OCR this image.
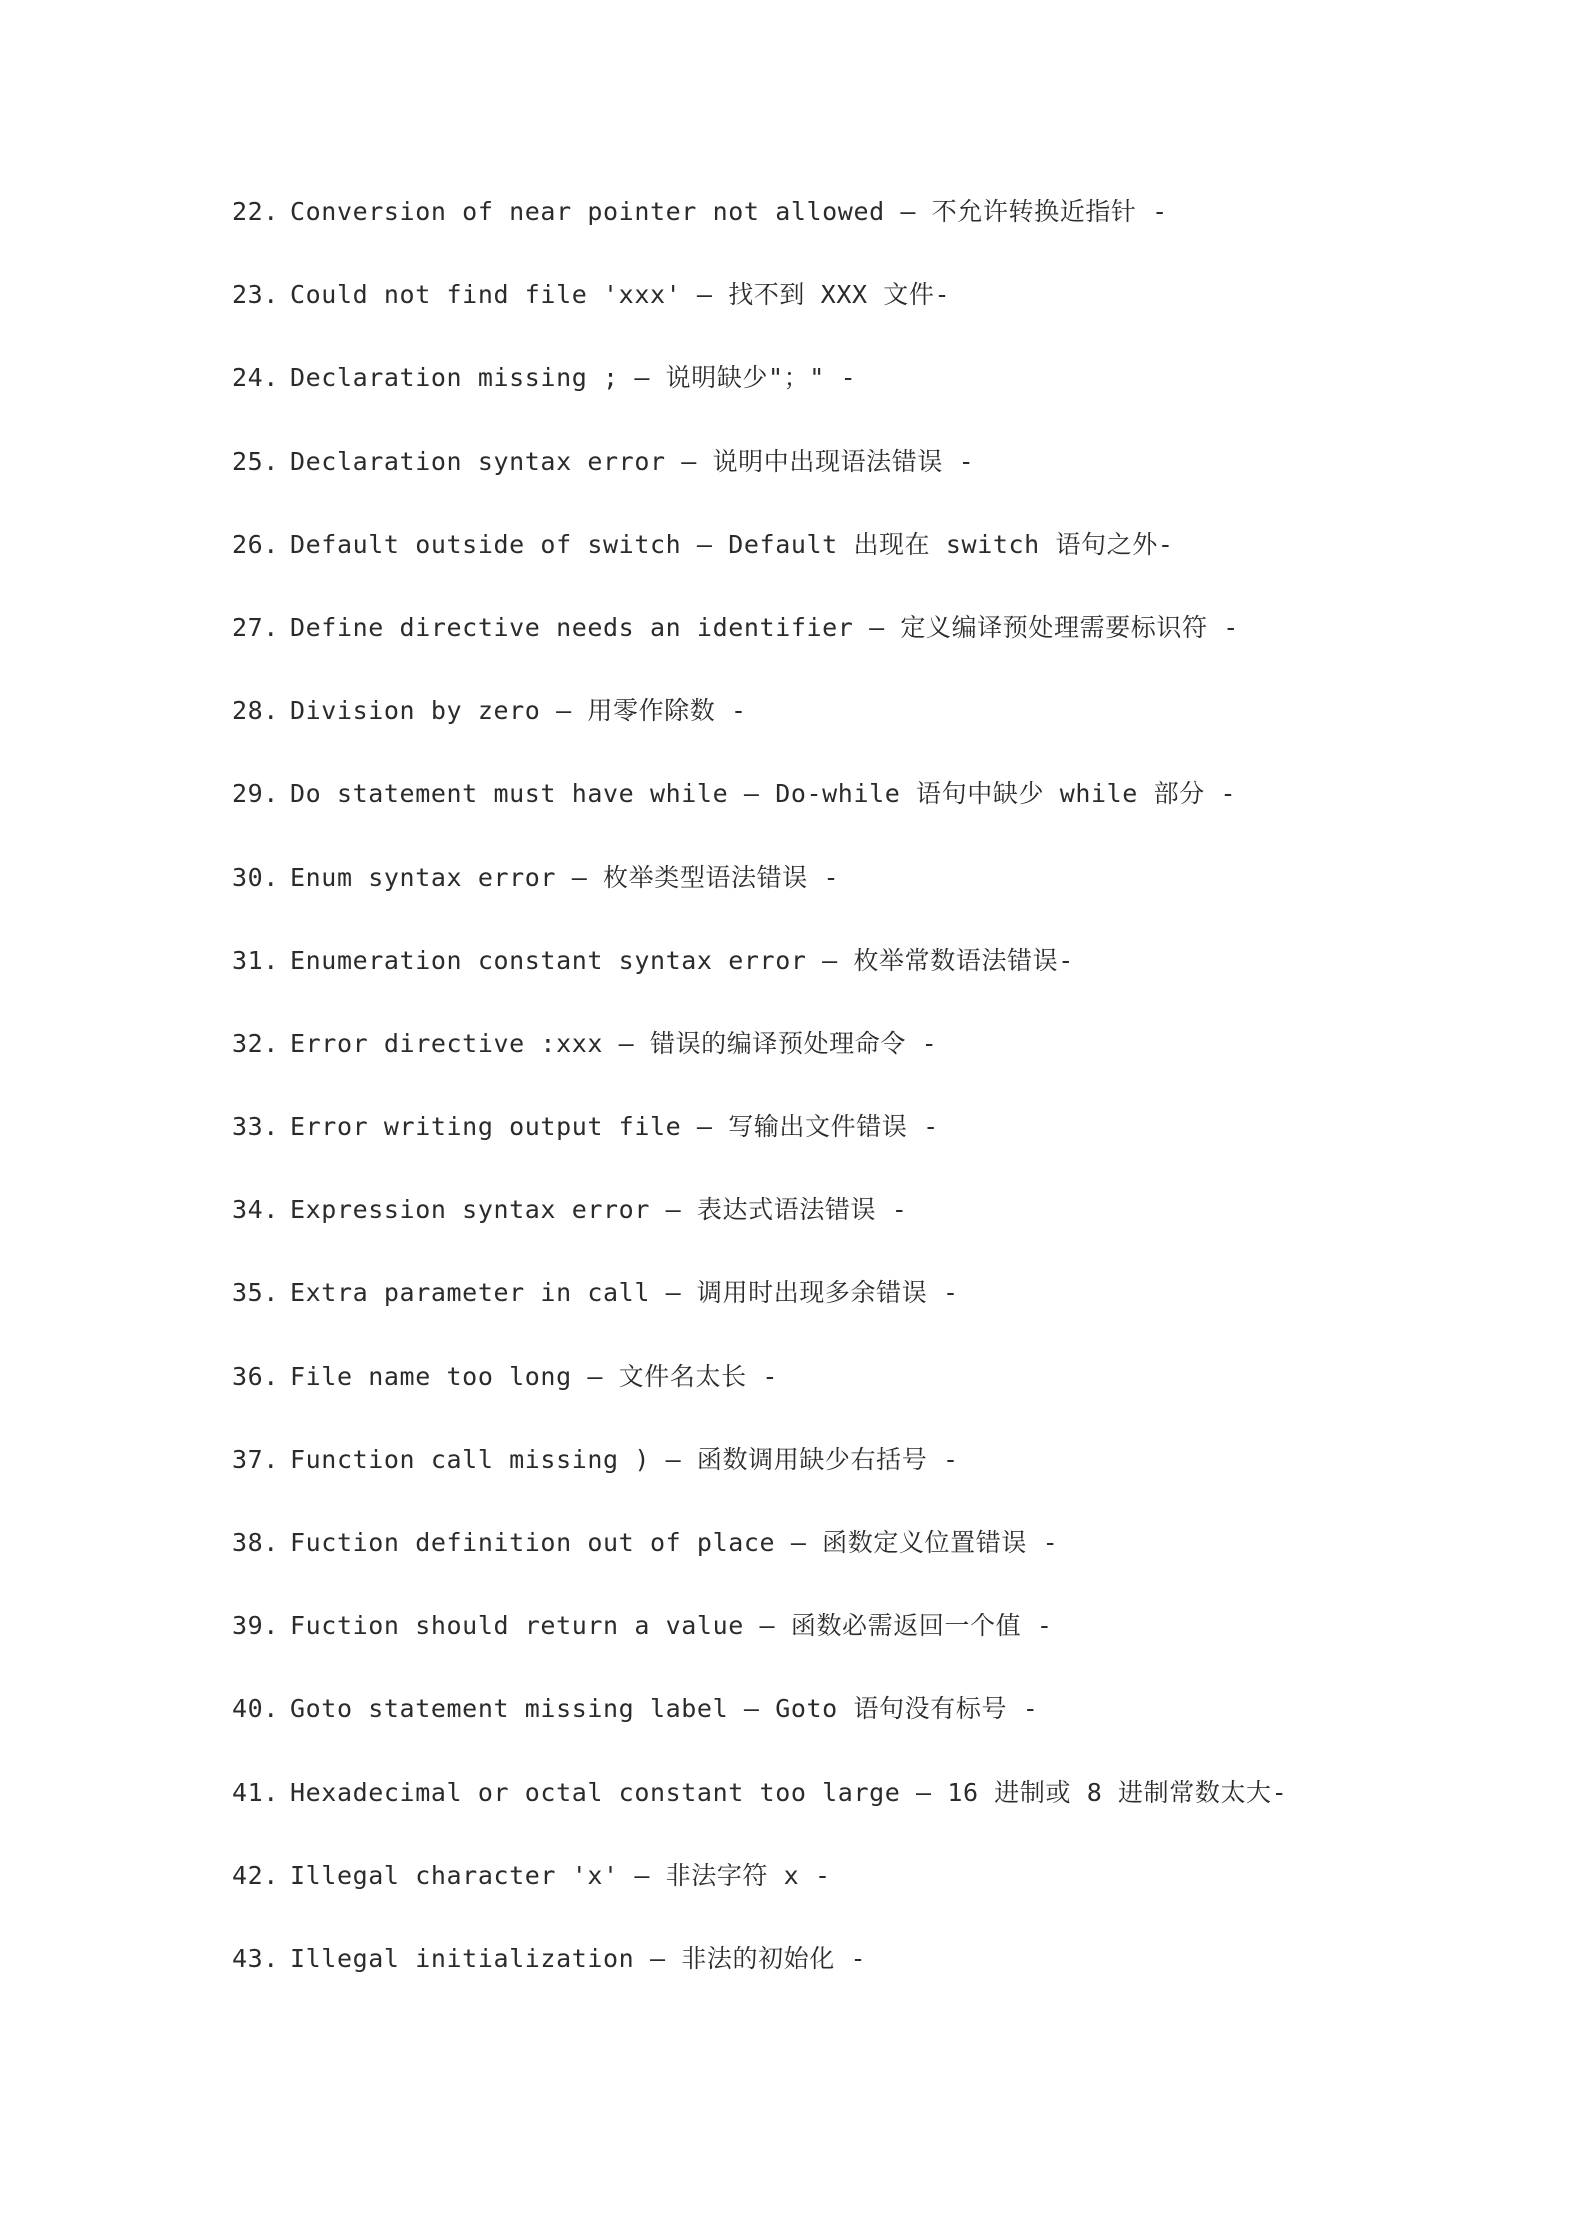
22. Conversion of near pointer not allowed — 不允许转换近指针 -
23. Could not find file 'xxx' — 找不到 XXX 文件-
24. Declaration missing ; — 说明缺少"；" -
25. Declaration syntax error — 说明中出现语法错误 -
26. Default outside of switch — Default 出现在 switch 语句之外-
27. Define directive needs an identifier — 定义编译预处理需要标识符 -
28. Division by zero — 用零作除数 -
29. Do statement must have while — Do-while 语句中缺少 while 部分 -
30. Enum syntax error — 枚举类型语法错误 -
31. Enumeration constant syntax error — 枚举常数语法错误-
32. Error directive :xxx — 错误的编译预处理命令 -
33. Error writing output file — 写输出文件错误 -
34. Expression syntax error — 表达式语法错误 -
35. Extra parameter in call — 调用时出现多余错误 -
36. File name too long — 文件名太长 -
37. Function call missing ) — 函数调用缺少右括号 -
38. Fuction definition out of place — 函数定义位置错误 -
39. Fuction should return a value — 函数必需返回一个值 -
40. Goto statement missing label — Goto 语句没有标号 -
41. Hexadecimal or octal constant too large — 16 进制或 8 进制常数太大-
42. Illegal character 'x' — 非法字符 x -
43. Illegal initialization — 非法的初始化 -
